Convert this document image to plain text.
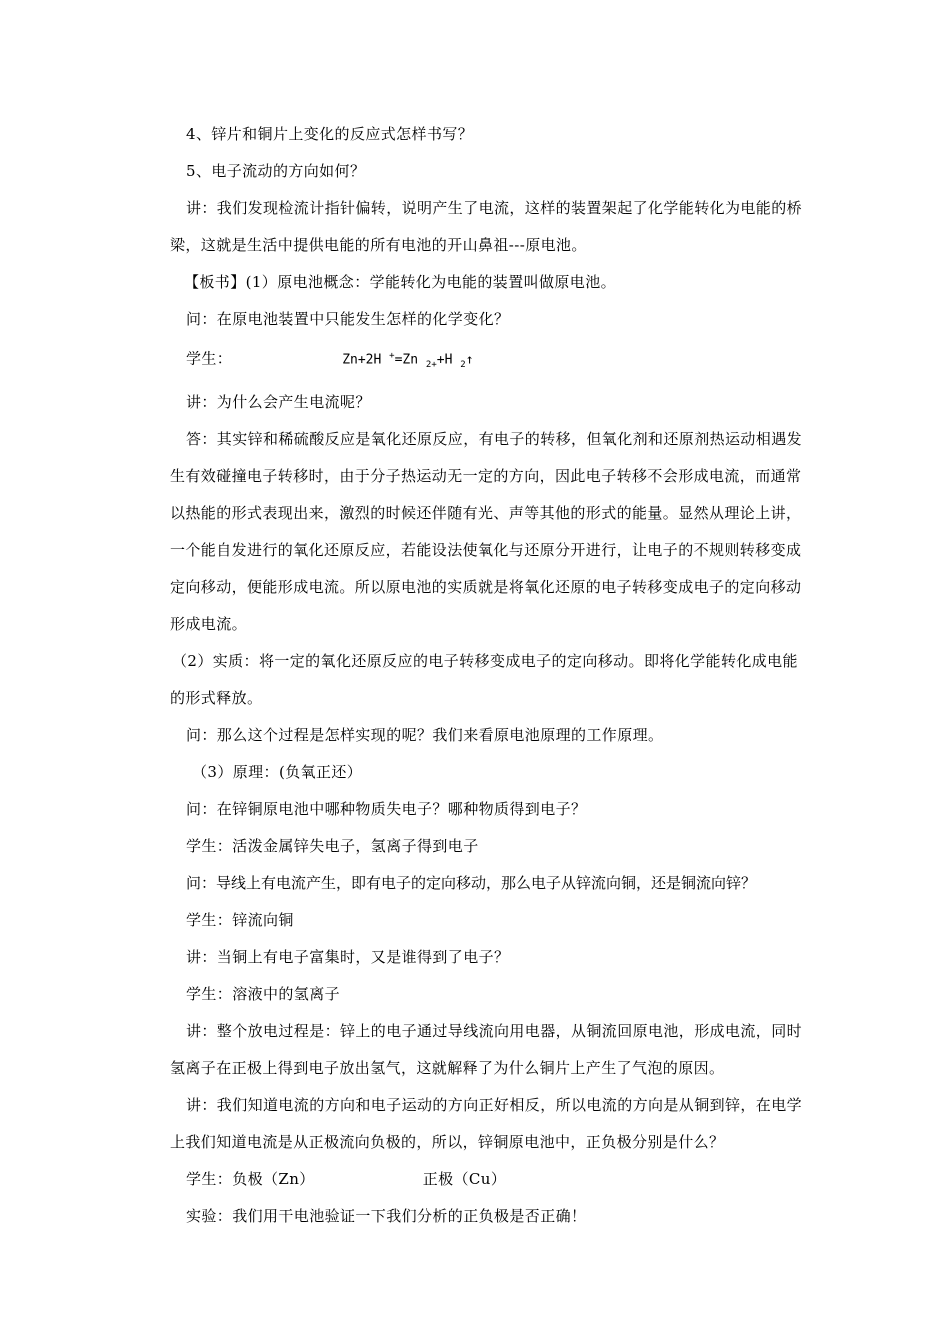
4、锌片和铜片上变化的反应式怎样书写？

5、电子流动的方向如何？

讲：我们发现检流计指针偏转，说明产生了电流，这样的装置架起了化学能转化为电能的桥梁，这就是生活中提供电能的所有电池的开山鼻祖---原电池。

【板书】(1）原电池概念：学能转化为电能的装置叫做原电池。

问：在原电池装置中只能发生怎样的化学变化？

学生：	Zn+2H +=Zn $_{2+}$+H $_2$↑

讲：为什么会产生电流呢？

答：其实锌和稀硫酸反应是氧化还原反应，有电子的转移，但氧化剂和还原剂热运动相遇发生有效碰撞电子转移时，由于分子热运动无一定的方向，因此电子转移不会形成电流，而通常以热能的形式表现出来，激烈的时候还伴随有光、声等其他的形式的能量。显然从理论上讲，一个能自发进行的氧化还原反应，若能设法使氧化与还原分开进行，让电子的不规则转移变成定向移动，便能形成电流。所以原电池的实质就是将氧化还原的电子转移变成电子的定向移动形成电流。

（2）实质：将一定的氧化还原反应的电子转移变成电子的定向移动。即将化学能转化成电能的形式释放。

问：那么这个过程是怎样实现的呢？我们来看原电池原理的工作原理。

（3）原理：(负氧正还）

问：在锌铜原电池中哪种物质失电子？哪种物质得到电子？

学生：活泼金属锌失电子，氢离子得到电子

问：导线上有电流产生，即有电子的定向移动，那么电子从锌流向铜，还是铜流向锌？

学生：锌流向铜

讲：当铜上有电子富集时，又是谁得到了电子？

学生：溶液中的氢离子

讲：整个放电过程是：锌上的电子通过导线流向用电器，从铜流回原电池，形成电流，同时氢离子在正极上得到电子放出氢气，这就解释了为什么铜片上产生了气泡的原因。

讲：我们知道电流的方向和电子运动的方向正好相反，所以电流的方向是从铜到锌，在电学上我们知道电流是从正极流向负极的，所以，锌铜原电池中，正负极分别是什么？

学生：负极（Zn）	正极（Cu）

实验：我们用干电池验证一下我们分析的正负极是否正确！
